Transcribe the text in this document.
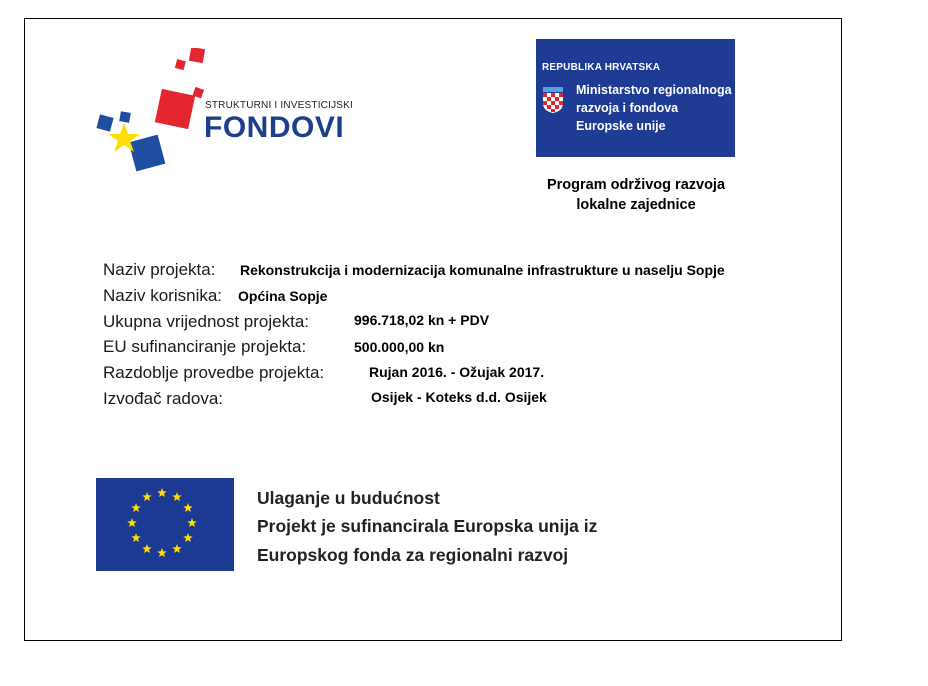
STRUKTURNI I INVESTICIJSKI
FONDOVI
REPUBLIKA HRVATSKA
Ministarstvo regionalnoga
razvoja i fondova
Europske unije
Program održivog razvoja
lokalne zajednice
Naziv projekta: Rekonstrukcija i modernizacija komunalne infrastrukture u naselju Sopje
Naziv korisnika: Općina Sopje
Ukupna vrijednost projekta:	996.718,02 kn + PDV
EU sufinanciranje projekta:	500.000,00 kn
Razdoblje provedbe projekta:	Rujan 2016. - Ožujak 2017.
Izvođač radova:	Osijek - Koteks d.d. Osijek
Ulaganje u budućnost
Projekt je sufinancirala Europska unija iz
Europskog fonda za regionalni razvoj
